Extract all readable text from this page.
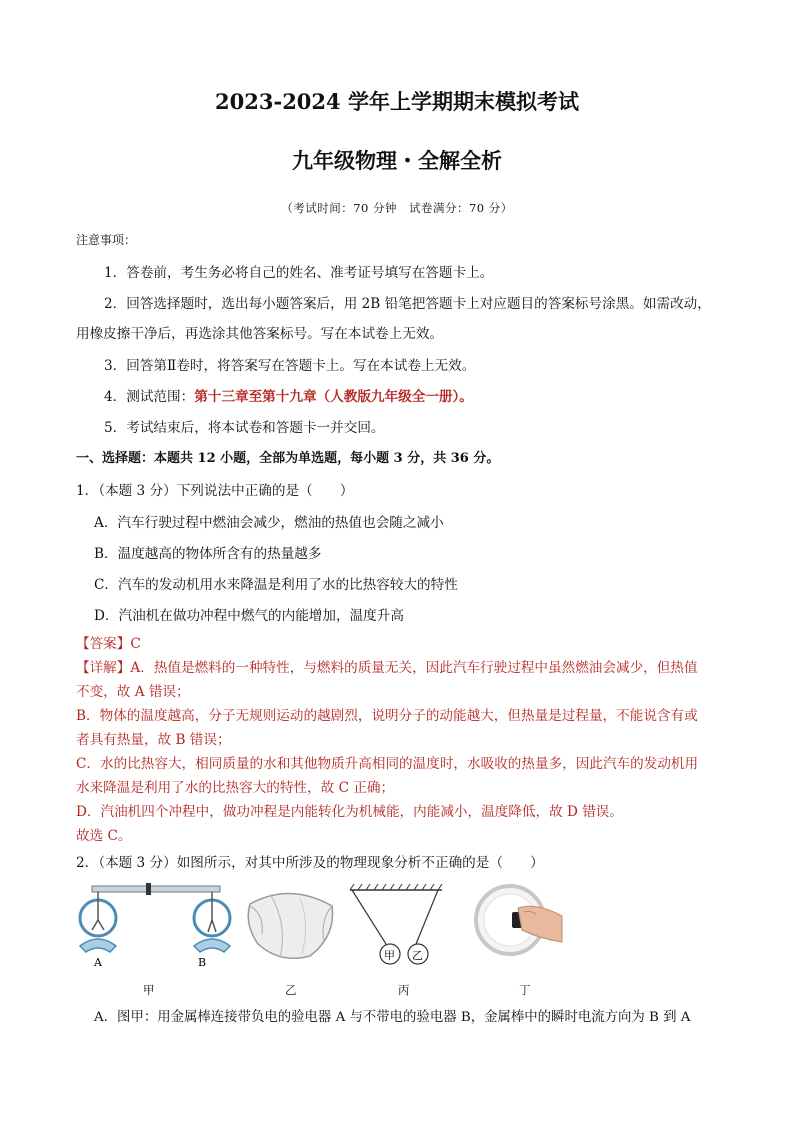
2023-2024 学年上学期期末模拟考试
九年级物理・全解全析
（考试时间：70 分钟　试卷满分：70 分）
注意事项：
1．答卷前，考生务必将自己的姓名、准考证号填写在答题卡上。
2．回答选择题时，选出每小题答案后，用 2B 铅笔把答题卡上对应题目的答案标号涂黑。如需改动，
用橡皮擦干净后，再选涂其他答案标号。写在本试卷上无效。
3．回答第Ⅱ卷时，将答案写在答题卡上。写在本试卷上无效。
4．测试范围：第十三章至第十九章（人教版九年级全一册）。
5．考试结束后，将本试卷和答题卡一并交回。
一、选择题：本题共 12 小题，全部为单选题，每小题 3 分，共 36 分。
1．（本题 3 分）下列说法中正确的是（　　）
A．汽车行驶过程中燃油会减少，燃油的热值也会随之减小
B．温度越高的物体所含有的热量越多
C．汽车的发动机用水来降温是利用了水的比热容较大的特性
D．汽油机在做功冲程中燃气的内能增加，温度升高
【答案】C
【详解】A．热值是燃料的一种特性，与燃料的质量无关，因此汽车行驶过程中虽然燃油会减少，但热值
不变，故 A 错误；
B．物体的温度越高，分子无规则运动的越剧烈，说明分子的动能越大，但热量是过程量，不能说含有或
者具有热量，故 B 错误；
C．水的比热容大，相同质量的水和其他物质升高相同的温度时，水吸收的热量多，因此汽车的发动机用
水来降温是利用了水的比热容大的特性，故 C 正确；
D．汽油机四个冲程中，做功冲程是内能转化为机械能，内能减小，温度降低，故 D 错误。
故选 C。
2．（本题 3 分）如图所示，对其中所涉及的物理现象分析不正确的是（　　）
A	B
甲 乙
甲	乙	丙	丁
A．图甲：用金属棒连接带负电的验电器 A 与不带电的验电器 B，金属棒中的瞬时电流方向为 B 到 A
